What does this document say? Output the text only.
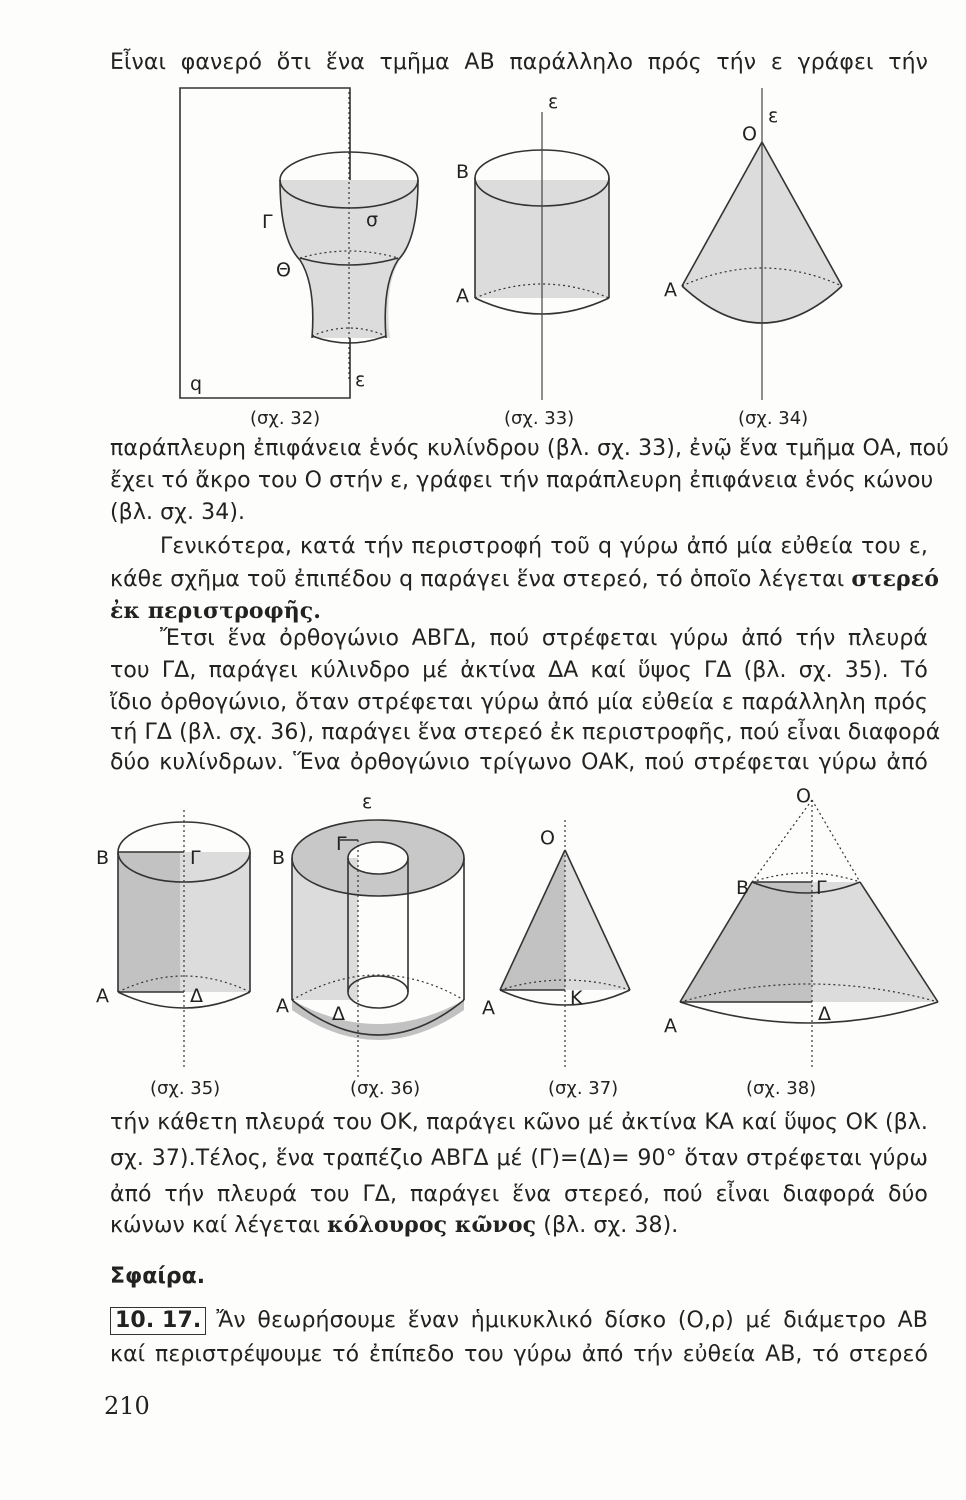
Εἶναι φανερό ὅτι ἕνα τμῆμα ΑΒ παράλληλο πρός τήν ε γράφει τήν
Γ	σ
Θ
q	ε
ε
Β
Α
ε
Ο
Α
(σχ. 32)	(σχ. 33)	(σχ. 34)
παράπλευρη ἐπιφάνεια ἑνός κυλίνδρου (βλ. σχ. 33), ἐνῷ ἕνα τμῆμα ΟΑ, πού
ἔχει τό ἄκρο του Ο στήν ε, γράφει τήν παράπλευρη ἐπιφάνεια ἑνός κώνου
(βλ. σχ. 34).
Γενικότερα, κατά τήν περιστροφή τοῦ q γύρω ἀπό μία εὐθεία του ε,
κάθε σχῆμα τοῦ ἐπιπέδου q παράγει ἕνα στερεό, τό ὁποῖο λέγεται στερεό
ἐκ περιστροφῆς.
Ἔτσι ἕνα ὀρθογώνιο ΑΒΓΔ, πού στρέφεται γύρω ἀπό τήν πλευρά
του ΓΔ, παράγει κύλινδρο μέ ἀκτίνα ΔΑ καί ὕψος ΓΔ (βλ. σχ. 35). Τό
ἴδιο ὀρθογώνιο, ὅταν στρέφεται γύρω ἀπό μία εὐθεία ε παράλληλη πρός
τή ΓΔ (βλ. σχ. 36), παράγει ἕνα στερεό ἐκ περιστροφῆς, πού εἶναι διαφορά
δύο κυλίνδρων. Ἕνα ὀρθογώνιο τρίγωνο ΟΑΚ, πού στρέφεται γύρω ἀπό
Β	Γ
Α	Δ
ε
Β
Γ
Α Δ
Ο
Α	Κ
Ο
Β	Γ
Α
Δ
(σχ. 35)	(σχ. 36)	(σχ. 37)	(σχ. 38)
τήν κάθετη πλευρά του ΟΚ, παράγει κῶνο μέ ἀκτίνα ΚΑ καί ὕψος ΟΚ (βλ.
σχ. 37).Τέλος, ἕνα τραπέζιο ΑΒΓΔ μέ (Γ)=(Δ)= 90° ὅταν στρέφεται γύρω
ἀπό τήν πλευρά του ΓΔ, παράγει ἕνα στερεό, πού εἶναι διαφορά δύο
κώνων καί λέγεται κόλουρος κῶνος (βλ. σχ. 38).
Σφαίρα.
10. 17. Ἄν θεωρήσουμε ἕναν ἡμικυκλικό δίσκο (Ο,ρ) μέ διάμετρο ΑΒ
καί περιστρέψουμε τό ἐπίπεδο του γύρω ἀπό τήν εὐθεία ΑΒ, τό στερεό
210
